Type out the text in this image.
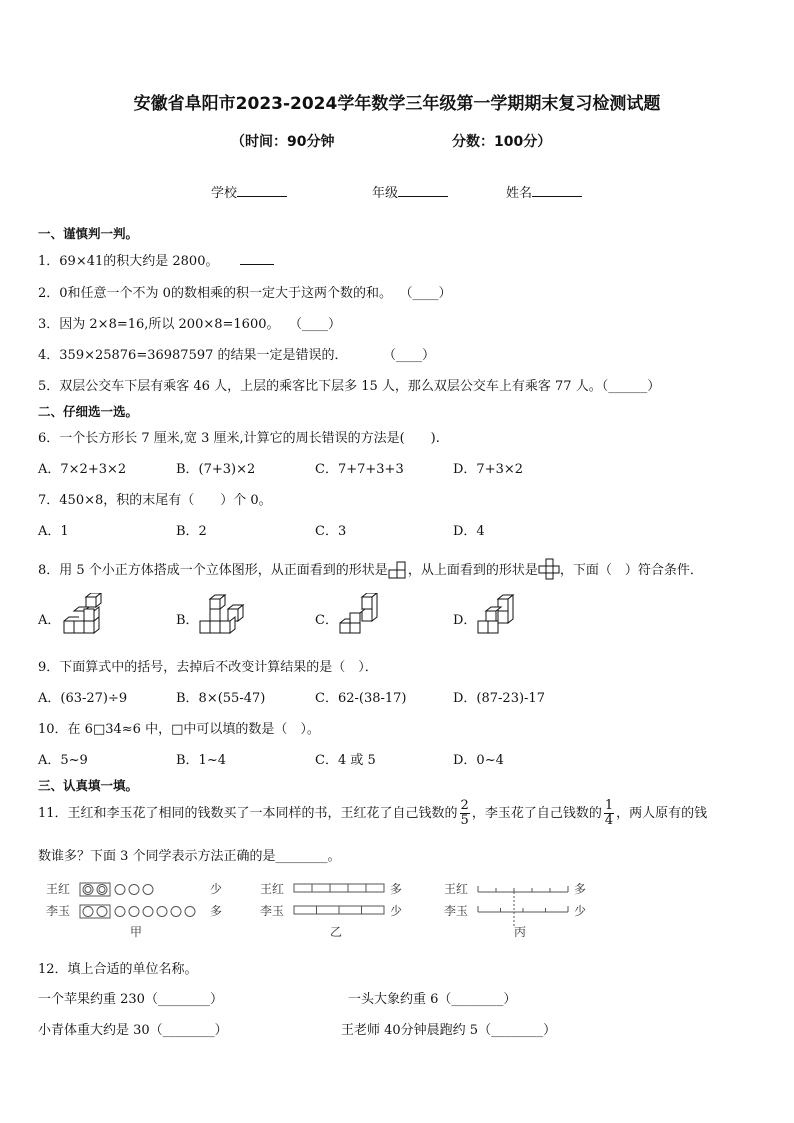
安徽省阜阳市2023-2024学年数学三年级第一学期期末复习检测试题
（时间：90分钟	分数：100分）
学校	年级	姓名
一、谨慎判一判。
1．69×41的积大约是 2800。
2．0和任意一个不为 0的数相乘的积一定大于这两个数的和。 （____）
3．因为 2×8=16,所以 200×8=1600。 （____）
4．359×25876=36987597 的结果一定是错误的．	（____）
5．双层公交车下层有乘客 46 人，上层的乘客比下层多 15 人，那么双层公交车上有乘客 77 人。（______）
二、仔细选一选。
6．一个长方形长 7 厘米,宽 3 厘米,计算它的周长错误的方法是(　　).
A．7×2+3×2	B．(7+3)×2	C．7+7+3+3	D．7+3×2
7．450×8，积的末尾有（　　）个 0。
A．1	B．2	C．3	D．4
8．用 5 个小正方体搭成一个立体图形，从正面看到的形状是 ，从上面看到的形状是 ，下面（　）符合条件．
A．	B．	C．	D．
9．下面算式中的括号，去掉后不改变计算结果的是（　）．
A．(63-27)÷9	B．8×(55-47)	C．62-(38-17)	D．(87-23)-17
10．在 6□34≈6 中，□中可以填的数是（　）。
A．5~9	B．1~4	C．4 或 5	D．0~4
三、认真填一填。
11．王红和李玉花了相同的钱数买了一本同样的书，王红花了自己钱数的 $\frac{2}{5}$ ，李玉花了自己钱数的 $\frac{1}{4}$ ，两人原有的钱
数谁多？下面 3 个同学表示方法正确的是________。
王红
李玉
少
多
甲
王红
李玉
多
少
乙
王红
李玉
多
少
丙
12．填上合适的单位名称。
一个苹果约重 230（________）	一头大象约重 6（________）
小青体重大约是 30（________）	王老师 40分钟晨跑约 5（________）
